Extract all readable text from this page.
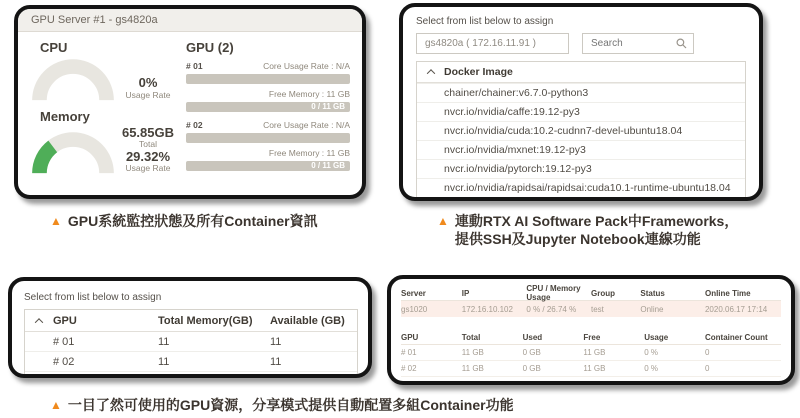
GPU Server #1 - gs4820a
CPU
0%
Usage Rate
Memory
65.85GB
Total
29.32%
Usage Rate
GPU (2)
# 01	Core Usage Rate : N/A
Free Memory : 11 GB
0 / 11 GB
# 02	Core Usage Rate : N/A
Free Memory : 11 GB
0 / 11 GB
Select from list below to assign
gs4820a ( 172.16.11.91 )
Search
Docker Image
chainer/chainer:v6.7.0-python3
nvcr.io/nvidia/caffe:19.12-py3
nvcr.io/nvidia/cuda:10.2-cudnn7-devel-ubuntu18.04
nvcr.io/nvidia/mxnet:19.12-py3
nvcr.io/nvidia/pytorch:19.12-py3
nvcr.io/nvidia/rapidsai/rapidsai:cuda10.1-runtime-ubuntu18.04
Select from list below to assign
GPU	Total Memory(GB)	Available (GB)
# 01	11	11
# 02	11	11
Server	IP	CPU / Memory Usage	Group	Status	Online Time
gs1020	172.16.10.102	0 % / 26.74 %	test	Online	2020.06.17 17:14
GPU	Total	Used	Free	Usage	Container Count
# 01	11 GB	0 GB	11 GB	0 %	0
# 02	11 GB	0 GB	11 GB	0 %	0
▲ GPU系統監控狀態及所有Container資訊	▲ 連動RTX AI Software Pack中Frameworks，
提供SSH及Jupyter Notebook連線功能
▲ 一目了然可使用的GPU資源，分享模式提供自動配置多組Container功能
